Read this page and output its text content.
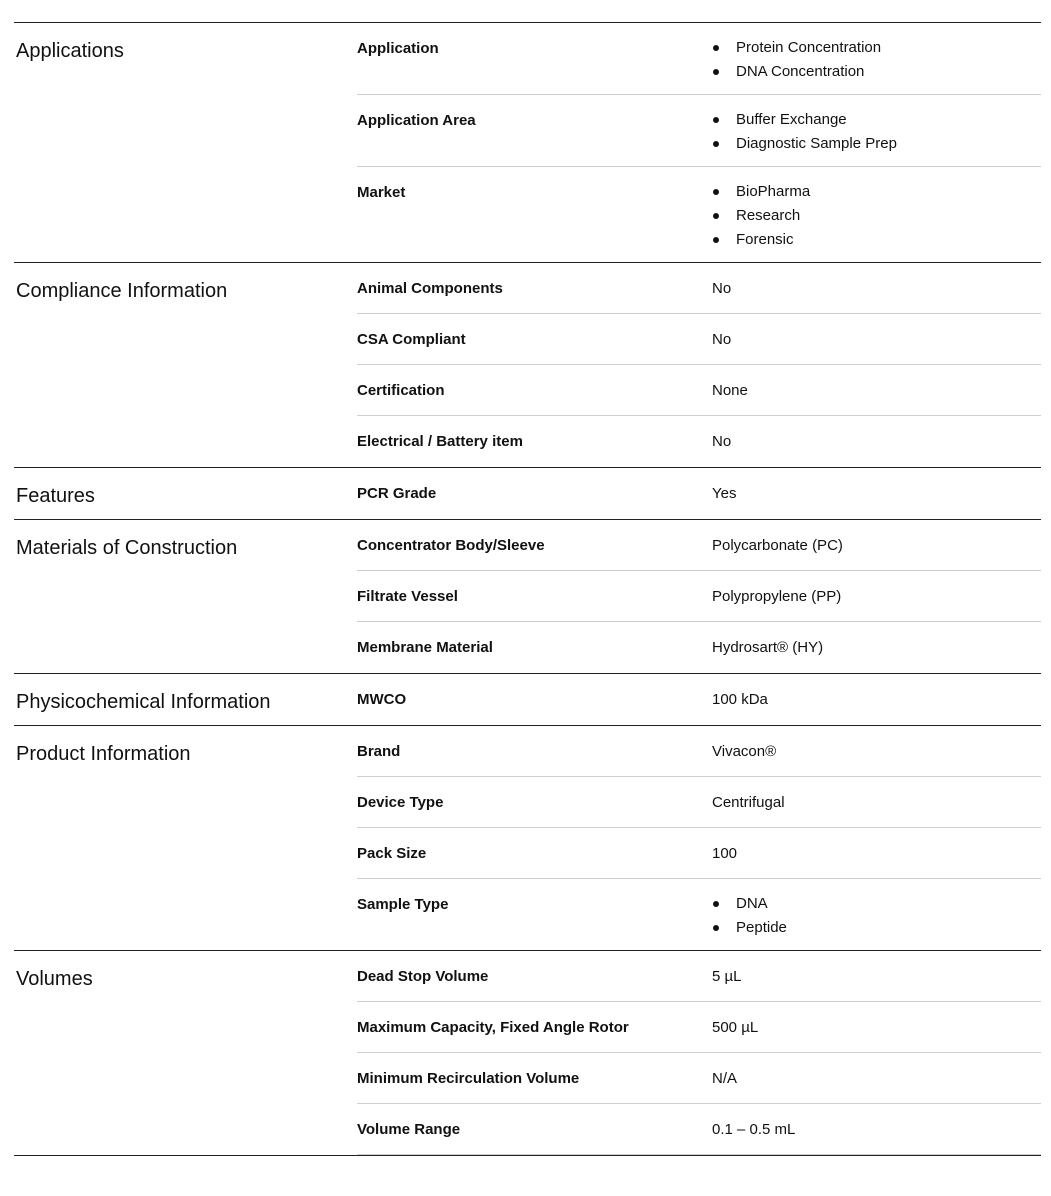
Applications	Application	Protein Concentration
DNA Concentration
Application Area	Buffer Exchange
Diagnostic Sample Prep
Market	BioPharma
Research
Forensic
Compliance Information	Animal Components	No
CSA Compliant	No
Certification	None
Electrical / Battery item	No
Features	PCR Grade	Yes
Materials of Construction	Concentrator Body/Sleeve	Polycarbonate (PC)
Filtrate Vessel	Polypropylene (PP)
Membrane Material	Hydrosart® (HY)
Physicochemical Information	MWCO	100 kDa
Product Information	Brand	Vivacon®
Device Type	Centrifugal
Pack Size	100
Sample Type	DNA
Peptide
Volumes	Dead Stop Volume	5 µL
Maximum Capacity, Fixed Angle Rotor	500 µL
Minimum Recirculation Volume	N/A
Volume Range	0.1 – 0.5 mL
